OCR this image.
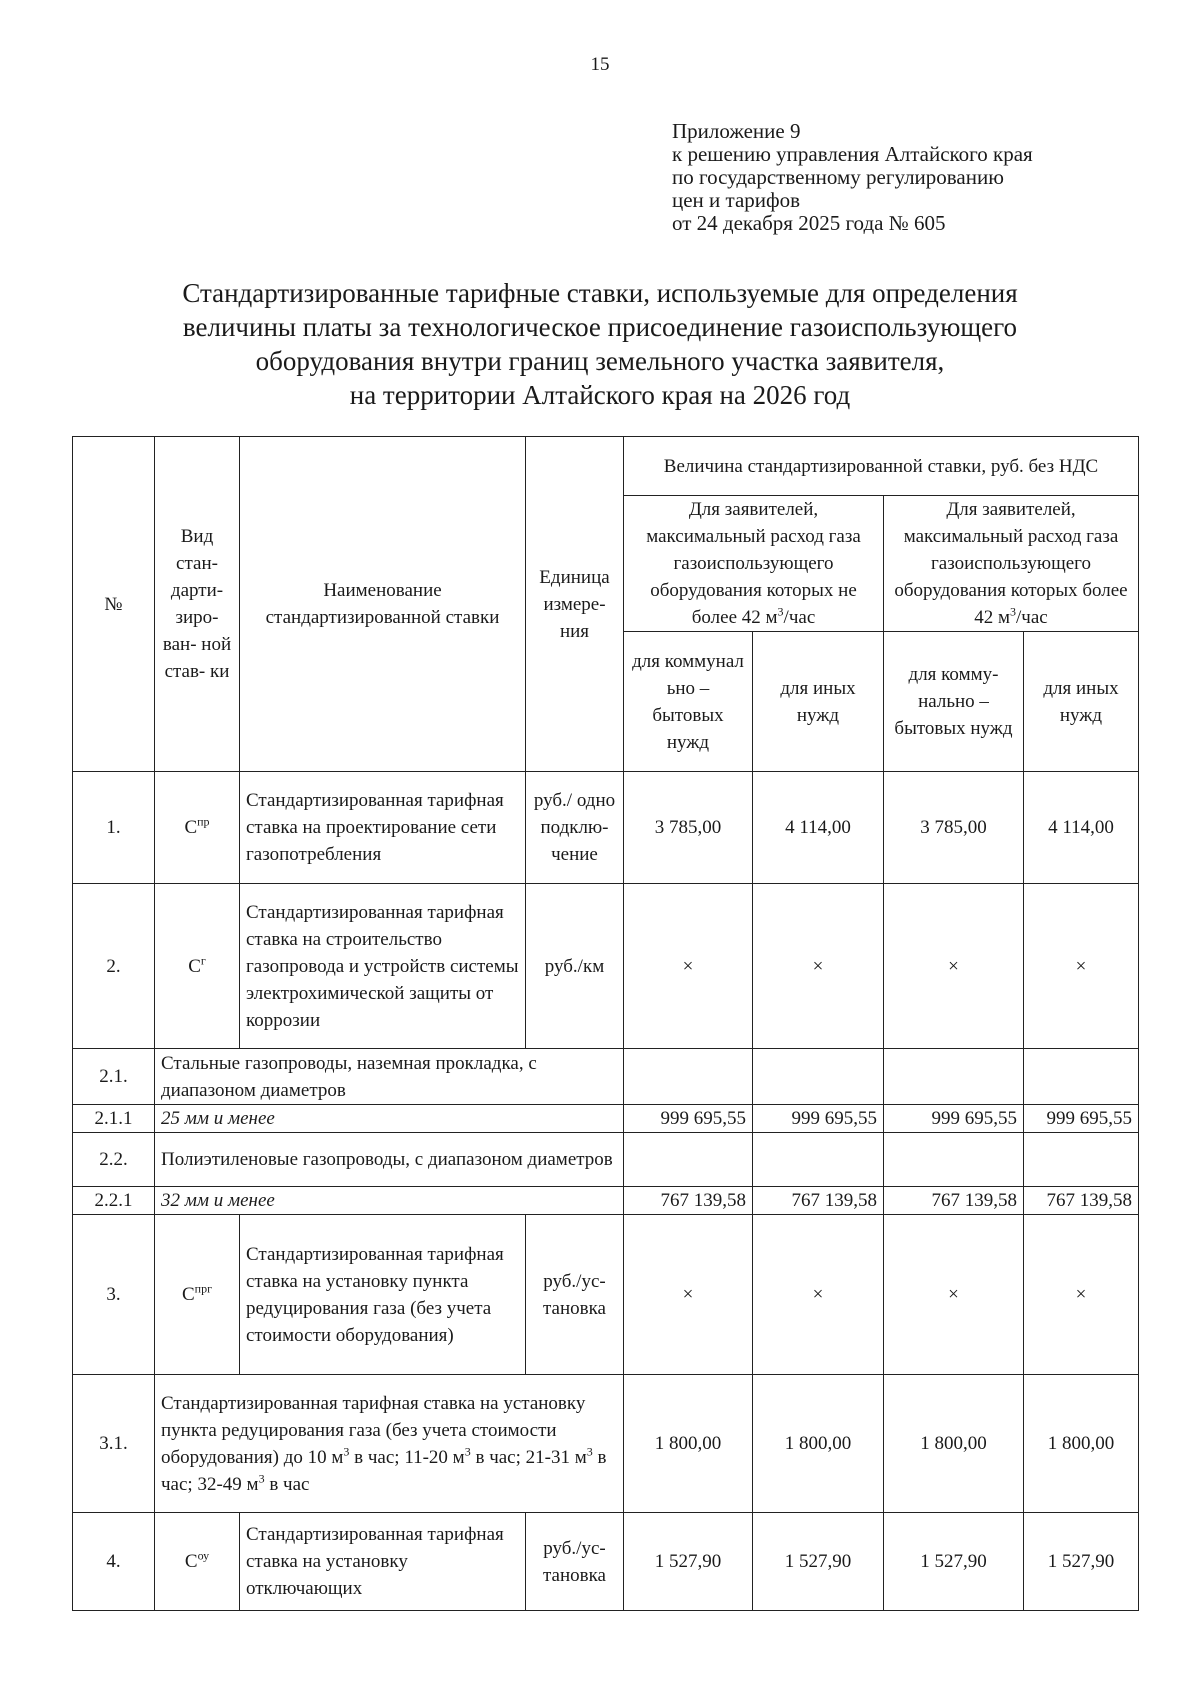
15
Приложение 9
к решению управления Алтайского края
по государственному регулированию
цен и тарифов
от 24 декабря 2025 года № 605
Стандартизированные тарифные ставки, используемые для определения
величины платы за технологическое присоединение газоиспользующего
оборудования внутри границ земельного участка заявителя,
на территории Алтайского края на 2026 год
№	Вид стан- дарти- зиро- ван- ной став- ки	Наименование стандартизированной ставки	Единица измере- ния	Величина стандартизированной ставки, руб. без НДС			
				Для заявителей, максимальный расход газа газоиспользующего оборудования которых не более 42 $м^3$/час		Для заявителей, максимальный расход газа газоиспользующего оборудования которых более 42 $м^3$/час	
				для коммунал ьно – бытовых нужд	для иных нужд	для комму- нально – бытовых нужд	для иных нужд
1.	$С^{пр}$	Стандартизированная тарифная ставка на проектирование сети газопотребления	руб./ одно подклю- чение	3 785,00	4 114,00	3 785,00	4 114,00
2.	$С^г$	Стандартизированная тарифная ставка на строительство газопровода и устройств системы электрохимической защиты от коррозии	руб./км	×	×	×	×
2.1.	Стальные газопроводы, наземная прокладка, с диапазоном диаметров						
2.1.1	25 мм и менее			999 695,55	999 695,55	999 695,55	999 695,55
2.2.	Полиэтиленовые газопроводы, с диапазоном диаметров						
2.2.1	32 мм и менее			767 139,58	767 139,58	767 139,58	767 139,58
3.	$С^{прг}$	Стандартизированная тарифная ставка на установку пункта редуцирования газа (без учета стоимости оборудования)	руб./ус- тановка	×	×	×	×
3.1.	Стандартизированная тарифная ставка на установку пункта редуцирования газа (без учета стоимости оборудования) до 10 $м^3$ в час; 11-20 $м^3$ в час; 21-31 $м^3$ в час; 32-49 $м^3$ в час			1 800,00	1 800,00	1 800,00	1 800,00
4.	$С^{оу}$	Стандартизированная тарифная ставка на установку отключающих	руб./ус- тановка	1 527,90	1 527,90	1 527,90	1 527,90
